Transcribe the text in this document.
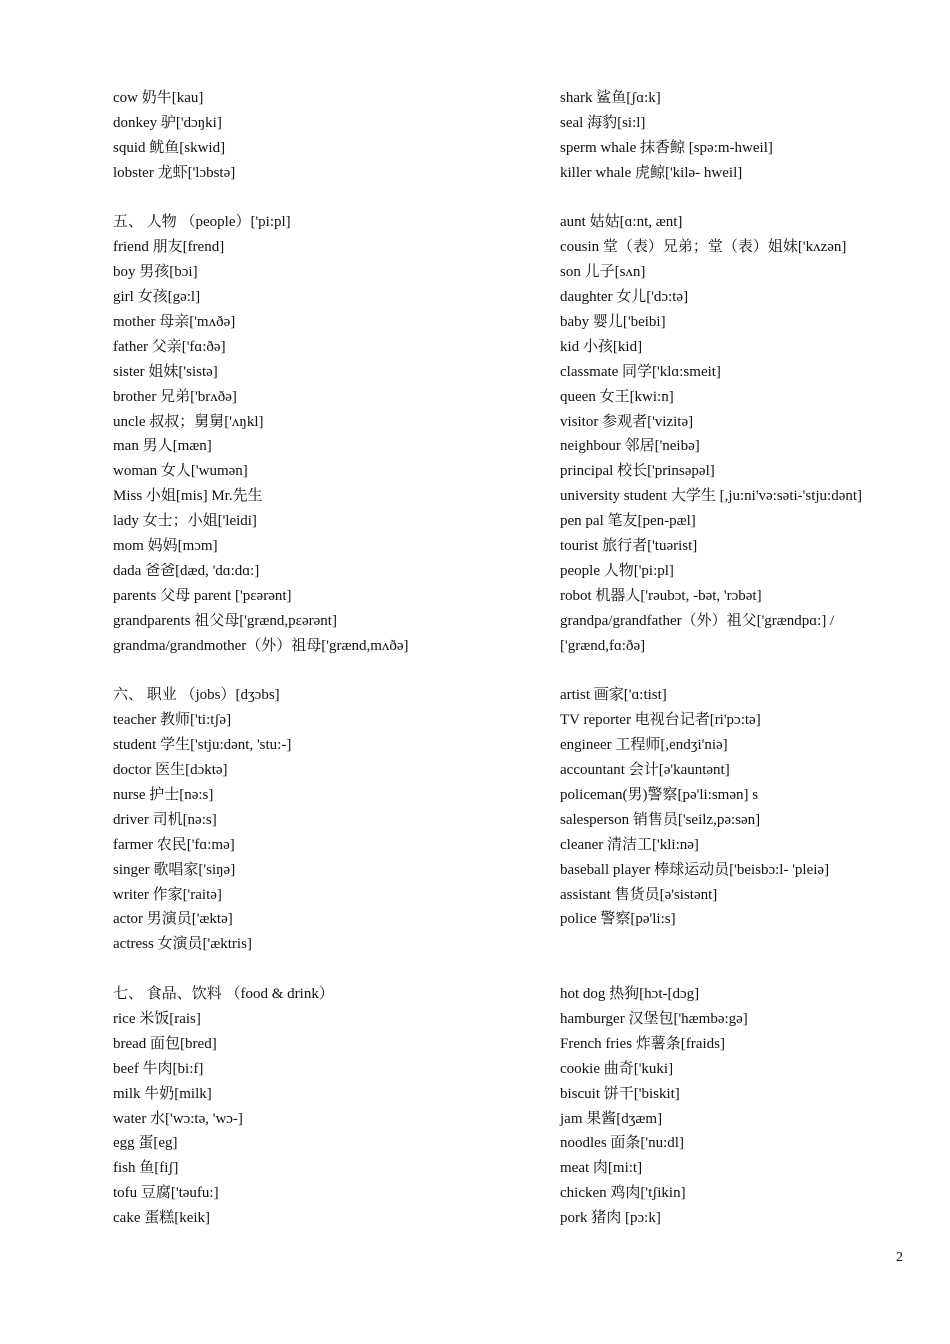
cow 奶牛[kau]
donkey 驴['dɔŋki]
squid 鱿鱼[skwid]
lobster 龙虾['lɔbstə]
五、 人物 （people）['pi:pl]
friend 朋友[frend]
boy 男孩[bɔi]
girl 女孩[gə:l]
mother 母亲['mʌðə]
father 父亲['fɑ:ðə]
sister 姐妹['sistə]
brother 兄弟['brʌðə]
uncle 叔叔；舅舅['ʌŋkl]
man 男人[mæn]
woman 女人['wumən]
Miss 小姐[mis] Mr.先生
lady 女士；小姐['leidi]
mom 妈妈[mɔm]
dada 爸爸[dæd, 'dɑ:dɑ:]
parents 父母 parent ['pɛərənt]
grandparents 祖父母['grænd,pɛərənt]
grandma/grandmother（外）祖母['grænd,mʌðə]
六、 职业 （jobs）[dʒɔbs]
teacher 教师['ti:tʃə]
student 学生['stju:dənt, 'stu:-]
doctor 医生[dɔktə]
nurse 护士[nə:s]
driver 司机[nə:s]
farmer 农民['fɑ:mə]
singer 歌唱家['siŋə]
writer 作家['raitə]
actor 男演员['æktə]
actress 女演员['æktris]
七、 食品、饮料 （food & drink）
rice 米饭[rais]
bread 面包[bred]
beef 牛肉[bi:f]
milk 牛奶[milk]
water 水['wɔ:tə, 'wɔ-]
egg 蛋[eg]
fish 鱼[fiʃ]
tofu 豆腐['təufu:]
cake 蛋糕[keik]
shark 鲨鱼[ʃɑ:k]
seal 海豹[si:l]
sperm whale 抹香鲸 [spə:m-hweil]
killer whale 虎鲸['kilə- hweil]
aunt 姑姑[ɑ:nt, ænt]
cousin 堂（表）兄弟；堂（表）姐妹['kʌzən]
son 儿子[sʌn]
daughter 女儿['dɔ:tə]
baby 婴儿['beibi]
kid 小孩[kid]
classmate 同学['klɑ:smeit]
queen 女王[kwi:n]
visitor 参观者['vizitə]
neighbour 邻居['neibə]
principal 校长['prinsəpəl]
university student 大学生 [,ju:ni'və:səti-'stju:dənt]
pen pal 笔友[pen-pæl]
tourist 旅行者['tuərist]
people 人物['pi:pl]
robot 机器人['rəubɔt, -bət, 'rɔbət]
grandpa/grandfather（外）祖父['grændpɑ:] /
['grænd,fɑ:ðə]
artist 画家['ɑ:tist]
TV reporter 电视台记者[ri'pɔ:tə]
engineer 工程师[,endʒi'niə]
accountant 会计[ə'kauntənt]
policeman(男)警察[pə'li:smən] s
salesperson 销售员['seilz,pə:sən]
cleaner 清洁工['kli:nə]
baseball player 棒球运动员['beisbɔ:l- 'pleiə]
assistant 售货员[ə'sistənt]
police 警察[pə'li:s]
hot dog 热狗[hɔt-[dɔg]
hamburger 汉堡包['hæmbə:gə]
French fries 炸薯条[fraids]
cookie 曲奇['kuki]
biscuit 饼干['biskit]
jam 果酱[dʒæm]
noodles 面条['nu:dl]
meat 肉[mi:t]
chicken 鸡肉['tʃikin]
pork 猪肉 [pɔ:k]
2
